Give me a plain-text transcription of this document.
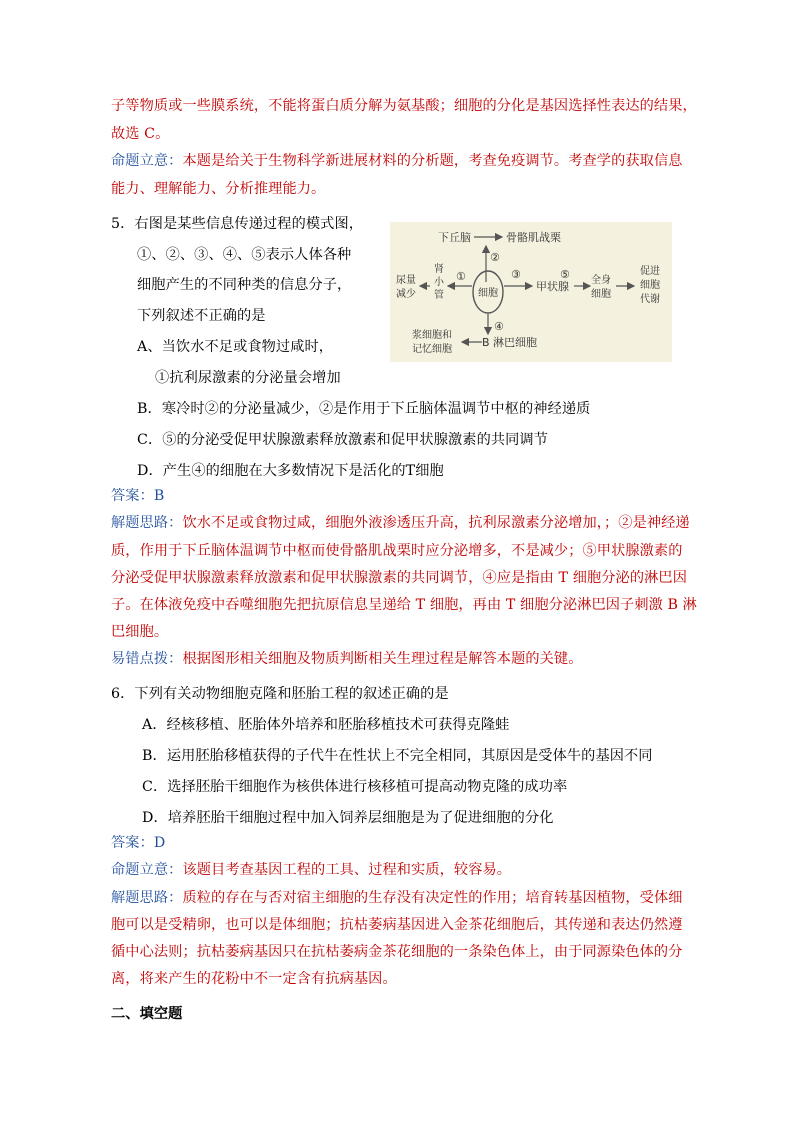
子等物质或一些膜系统，不能将蛋白质分解为氨基酸；细胞的分化是基因选择性表达的结果，
故选 C。
命题立意：本题是给关于生物科学新进展材料的分析题，考查免疫调节。考查学的获取信息
能力、理解能力、分析推理能力。
5．右图是某些信息传递过程的模式图，
①、②、③、④、⑤表示人体各种
细胞产生的不同种类的信息分子，
下列叙述不正确的是
A、当饮水不足或食物过咸时，
①抗利尿激素的分泌量会增加
B．寒冷时②的分泌量减少，②是作用于下丘脑体温调节中枢的神经递质
C．⑤的分泌受促甲状腺激素释放激素和促甲状腺激素的共同调节
D．产生④的细胞在大多数情况下是活化的T细胞
答案：B
解题思路：饮水不足或食物过咸，细胞外液渗透压升高，抗利尿激素分泌增加，；②是神经递
质，作用于下丘脑体温调节中枢而使骨骼肌战栗时应分泌增多，不是减少；⑤甲状腺激素的
分泌受促甲状腺激素释放激素和促甲状腺激素的共同调节，④应是指由 T 细胞分泌的淋巴因
子。在体液免疫中吞噬细胞先把抗原信息呈递给 T 细胞，再由 T 细胞分泌淋巴因子刺激 B 淋
巴细胞。
易错点拨：根据图形相关细胞及物质判断相关生理过程是解答本题的关键。
下丘脑	骨骼肌战栗
②
细胞
肾
小
管
①
尿量
减少
③
甲状腺
⑤ 全身
细胞
促进
细胞
代谢
④
B 淋巴细胞
浆细胞和
记忆细胞
6．下列有关动物细胞克隆和胚胎工程的叙述正确的是
A．经核移植、胚胎体外培养和胚胎移植技术可获得克隆蛙
B．运用胚胎移植获得的子代牛在性状上不完全相同，其原因是受体牛的基因不同
C．选择胚胎干细胞作为核供体进行核移植可提高动物克隆的成功率
D．培养胚胎干细胞过程中加入饲养层细胞是为了促进细胞的分化
答案：D
命题立意：该题目考查基因工程的工具、过程和实质，较容易。
解题思路：质粒的存在与否对宿主细胞的生存没有决定性的作用；培育转基因植物，受体细
胞可以是受精卵，也可以是体细胞；抗枯萎病基因进入金茶花细胞后，其传递和表达仍然遵
循中心法则；抗枯萎病基因只在抗枯萎病金茶花细胞的一条染色体上，由于同源染色体的分
离，将来产生的花粉中不一定含有抗病基因。
二、填空题
